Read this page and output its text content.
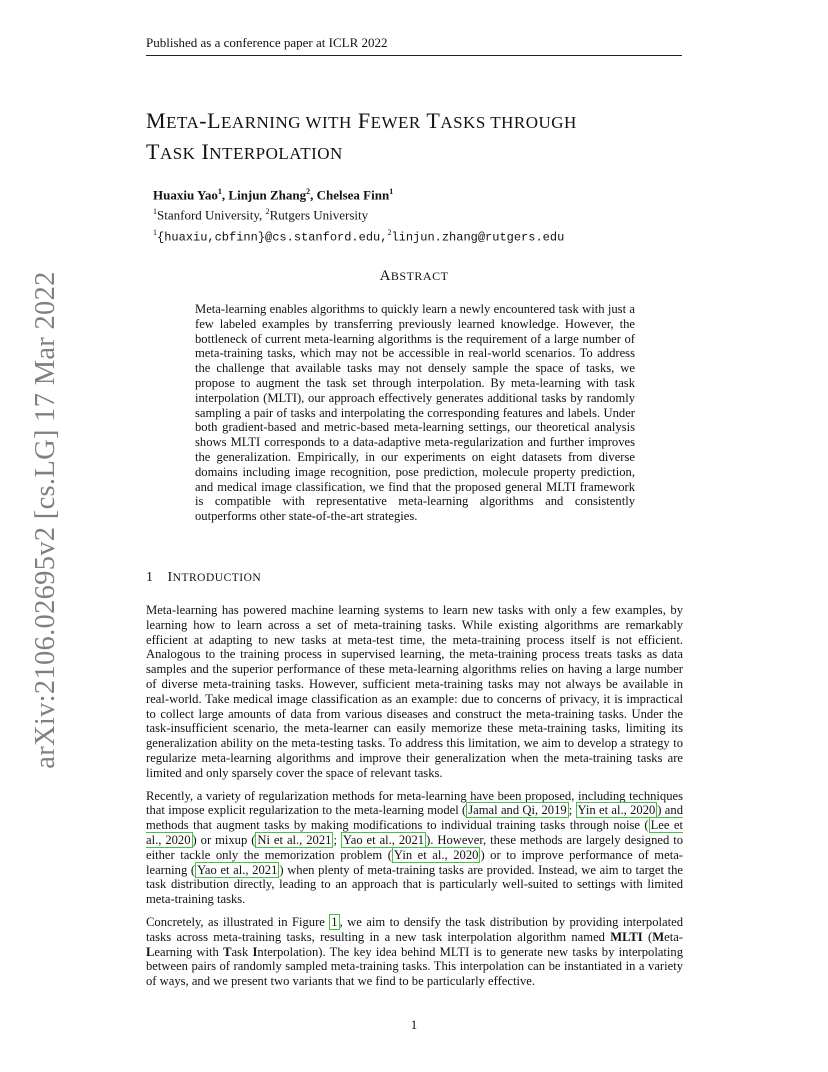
Published as a conference paper at ICLR 2022
arXiv:2106.02695v2 [cs.LG] 17 Mar 2022
META-LEARNING WITH FEWER TASKS THROUGH
TASK INTERPOLATION
Huaxiu Yao$^1$, Linjun Zhang$^2$, Chelsea Finn$^1$
$^1$Stanford University, $^2$Rutgers University
$^1${huaxiu,cbfinn}@cs.stanford.edu,$^2$linjun.zhang@rutgers.edu
ABSTRACT

Meta-learning enables algorithms to quickly learn a newly encountered task with just a few labeled examples by transferring previously learned knowledge. However, the bottleneck of current meta-learning algorithms is the requirement of a large number of meta-training tasks, which may not be accessible in real-world scenarios. To address the challenge that available tasks may not densely sample the space of tasks, we propose to augment the task set through interpolation. By meta-learning with task interpolation (MLTI), our approach effectively generates additional tasks by randomly sampling a pair of tasks and interpolating the corresponding features and labels. Under both gradient-based and metric-based meta-learning settings, our theoretical analysis shows MLTI corresponds to a data-adaptive meta-regularization and further improves the generalization. Empirically, in our experiments on eight datasets from diverse domains including image recognition, pose prediction, molecule property prediction, and medical image classification, we find that the proposed general MLTI framework is compatible with representative meta-learning algorithms and consistently outperforms other state-of-the-art strategies.

1 INTRODUCTION

Meta-learning has powered machine learning systems to learn new tasks with only a few examples, by learning how to learn across a set of meta-training tasks. While existing algorithms are remarkably efficient at adapting to new tasks at meta-test time, the meta-training process itself is not efficient. Analogous to the training process in supervised learning, the meta-training process treats tasks as data samples and the superior performance of these meta-learning algorithms relies on having a large number of diverse meta-training tasks. However, sufficient meta-training tasks may not always be available in real-world. Take medical image classification as an example: due to concerns of privacy, it is impractical to collect large amounts of data from various diseases and construct the meta-training tasks. Under the task-insufficient scenario, the meta-learner can easily memorize these meta-training tasks, limiting its generalization ability on the meta-testing tasks. To address this limitation, we aim to develop a strategy to regularize meta-learning algorithms and improve their generalization when the meta-training tasks are limited and only sparsely cover the space of relevant tasks.

Recently, a variety of regularization methods for meta-learning have been proposed, including techniques that impose explicit regularization to the meta-learning model ( Jamal and Qi, 2019 ; Yin et al., 2020 ) and methods that augment tasks by making modifications to individual training tasks through noise ( Lee et al., 2020 ) or mixup ( Ni et al., 2021 ; Yao et al., 2021 ). However, these methods are largely designed to either tackle only the memorization problem ( Yin et al., 2020 ) or to improve performance of meta-learning ( Yao et al., 2021 ) when plenty of meta-training tasks are provided. Instead, we aim to target the task distribution directly, leading to an approach that is particularly well-suited to settings with limited meta-training tasks.

Concretely, as illustrated in Figure 1 , we aim to densify the task distribution by providing interpolated tasks across meta-training tasks, resulting in a new task interpolation algorithm named MLTI (Meta-Learning with Task Interpolation). The key idea behind MLTI is to generate new tasks by interpolating between pairs of randomly sampled meta-training tasks. This interpolation can be instantiated in a variety of ways, and we present two variants that we find to be particularly effective.

1
